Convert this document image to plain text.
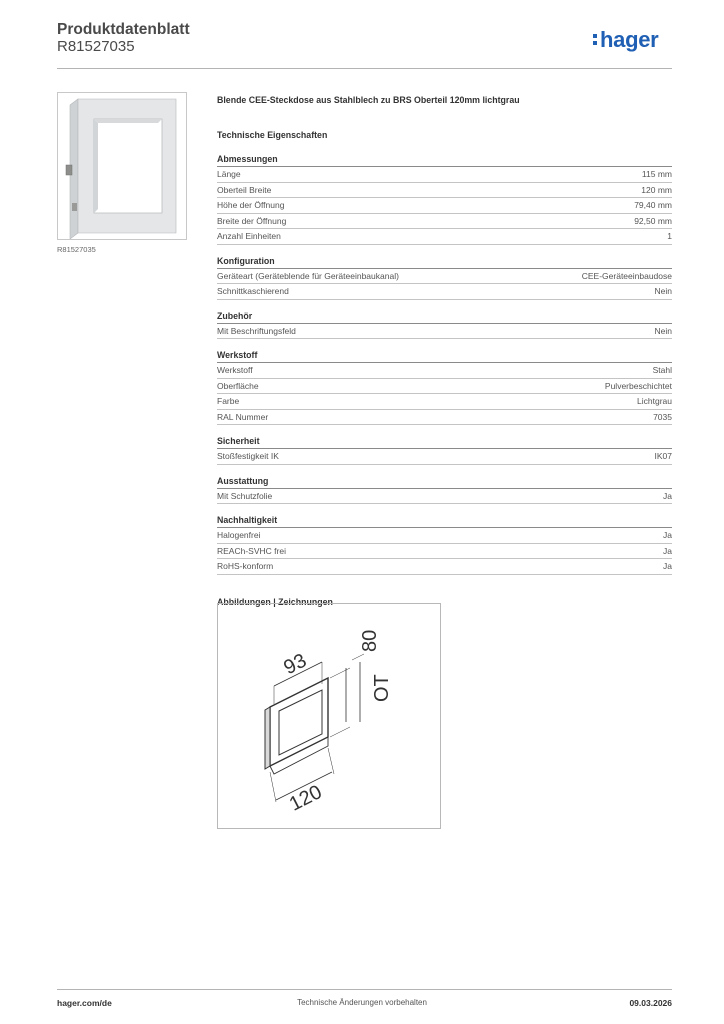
Produktdatenblatt
R81527035	hager
R81527035
Blende CEE-Steckdose aus Stahlblech zu BRS Oberteil 120mm lichtgrau
Technische Eigenschaften
Abmessungen
Länge	115 mm
Oberteil Breite	120 mm
Höhe der Öffnung	79,40 mm
Breite der Öffnung	92,50 mm
Anzahl Einheiten	1
Konfiguration
Geräteart (Geräteblende für Geräteeinbaukanal)	CEE-Geräteeinbaudose
Schnittkaschierend	Nein
Zubehör
Mit Beschriftungsfeld	Nein
Werkstoff
Werkstoff	Stahl
Oberfläche	Pulverbeschichtet
Farbe	Lichtgrau
RAL Nummer	7035
Sicherheit
Stoßfestigkeit IK	IK07
Ausstattung
Mit Schutzfolie	Ja
Nachhaltigkeit
Halogenfrei	Ja
REACh-SVHC frei	Ja
RoHS-konform	Ja
Abbildungen | Zeichnungen
93
80
OT
120
hager.com/de	Technische Änderungen vorbehalten	09.03.2026
